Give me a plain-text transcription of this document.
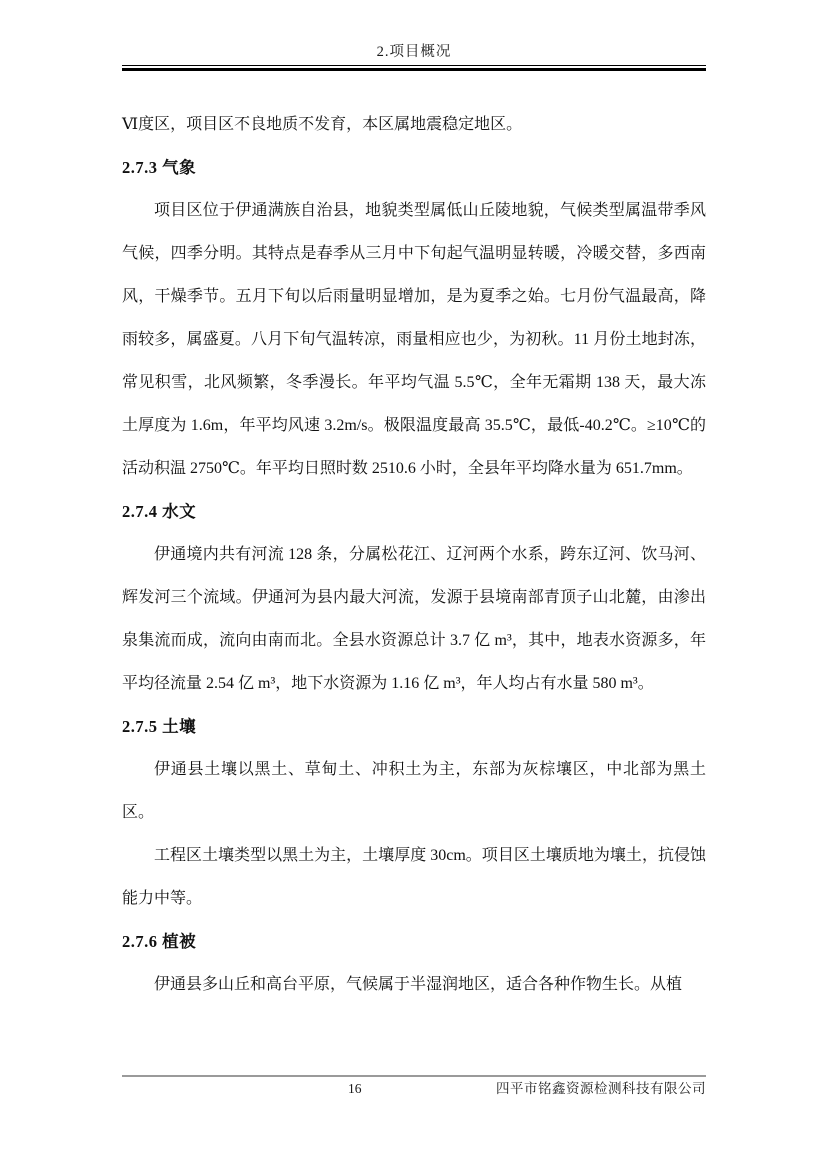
2.项目概况

Ⅵ度区，项目区不良地质不发育，本区属地震稳定地区。

2.7.3 气象

项目区位于伊通满族自治县，地貌类型属低山丘陵地貌，气候类型属温带季风气候，四季分明。其特点是春季从三月中下旬起气温明显转暖，冷暖交替，多西南风，干燥季节。五月下旬以后雨量明显增加，是为夏季之始。七月份气温最高，降雨较多，属盛夏。八月下旬气温转凉，雨量相应也少，为初秋。11 月份土地封冻，常见积雪，北风频繁，冬季漫长。年平均气温 5.5℃，全年无霜期 138 天，最大冻土厚度为 1.6m，年平均风速 3.2m/s。极限温度最高 35.5℃，最低-40.2℃。≥10℃的活动积温 2750℃。年平均日照时数 2510.6 小时，全县年平均降水量为 651.7mm。

2.7.4 水文

伊通境内共有河流 128 条，分属松花江、辽河两个水系，跨东辽河、饮马河、辉发河三个流域。伊通河为县内最大河流，发源于县境南部青顶子山北麓，由渗出泉集流而成，流向由南而北。全县水资源总计 3.7 亿 m³，其中，地表水资源多，年平均径流量 2.54 亿 m³，地下水资源为 1.16 亿 m³，年人均占有水量 580 m³。

2.7.5 土壤

伊通县土壤以黑土、草甸土、冲积土为主，东部为灰棕壤区，中北部为黑土区。

工程区土壤类型以黑土为主，土壤厚度 30cm。项目区土壤质地为壤土，抗侵蚀能力中等。

2.7.6 植被

伊通县多山丘和高台平原，气候属于半湿润地区，适合各种作物生长。从植

16	四平市铭鑫资源检测科技有限公司
